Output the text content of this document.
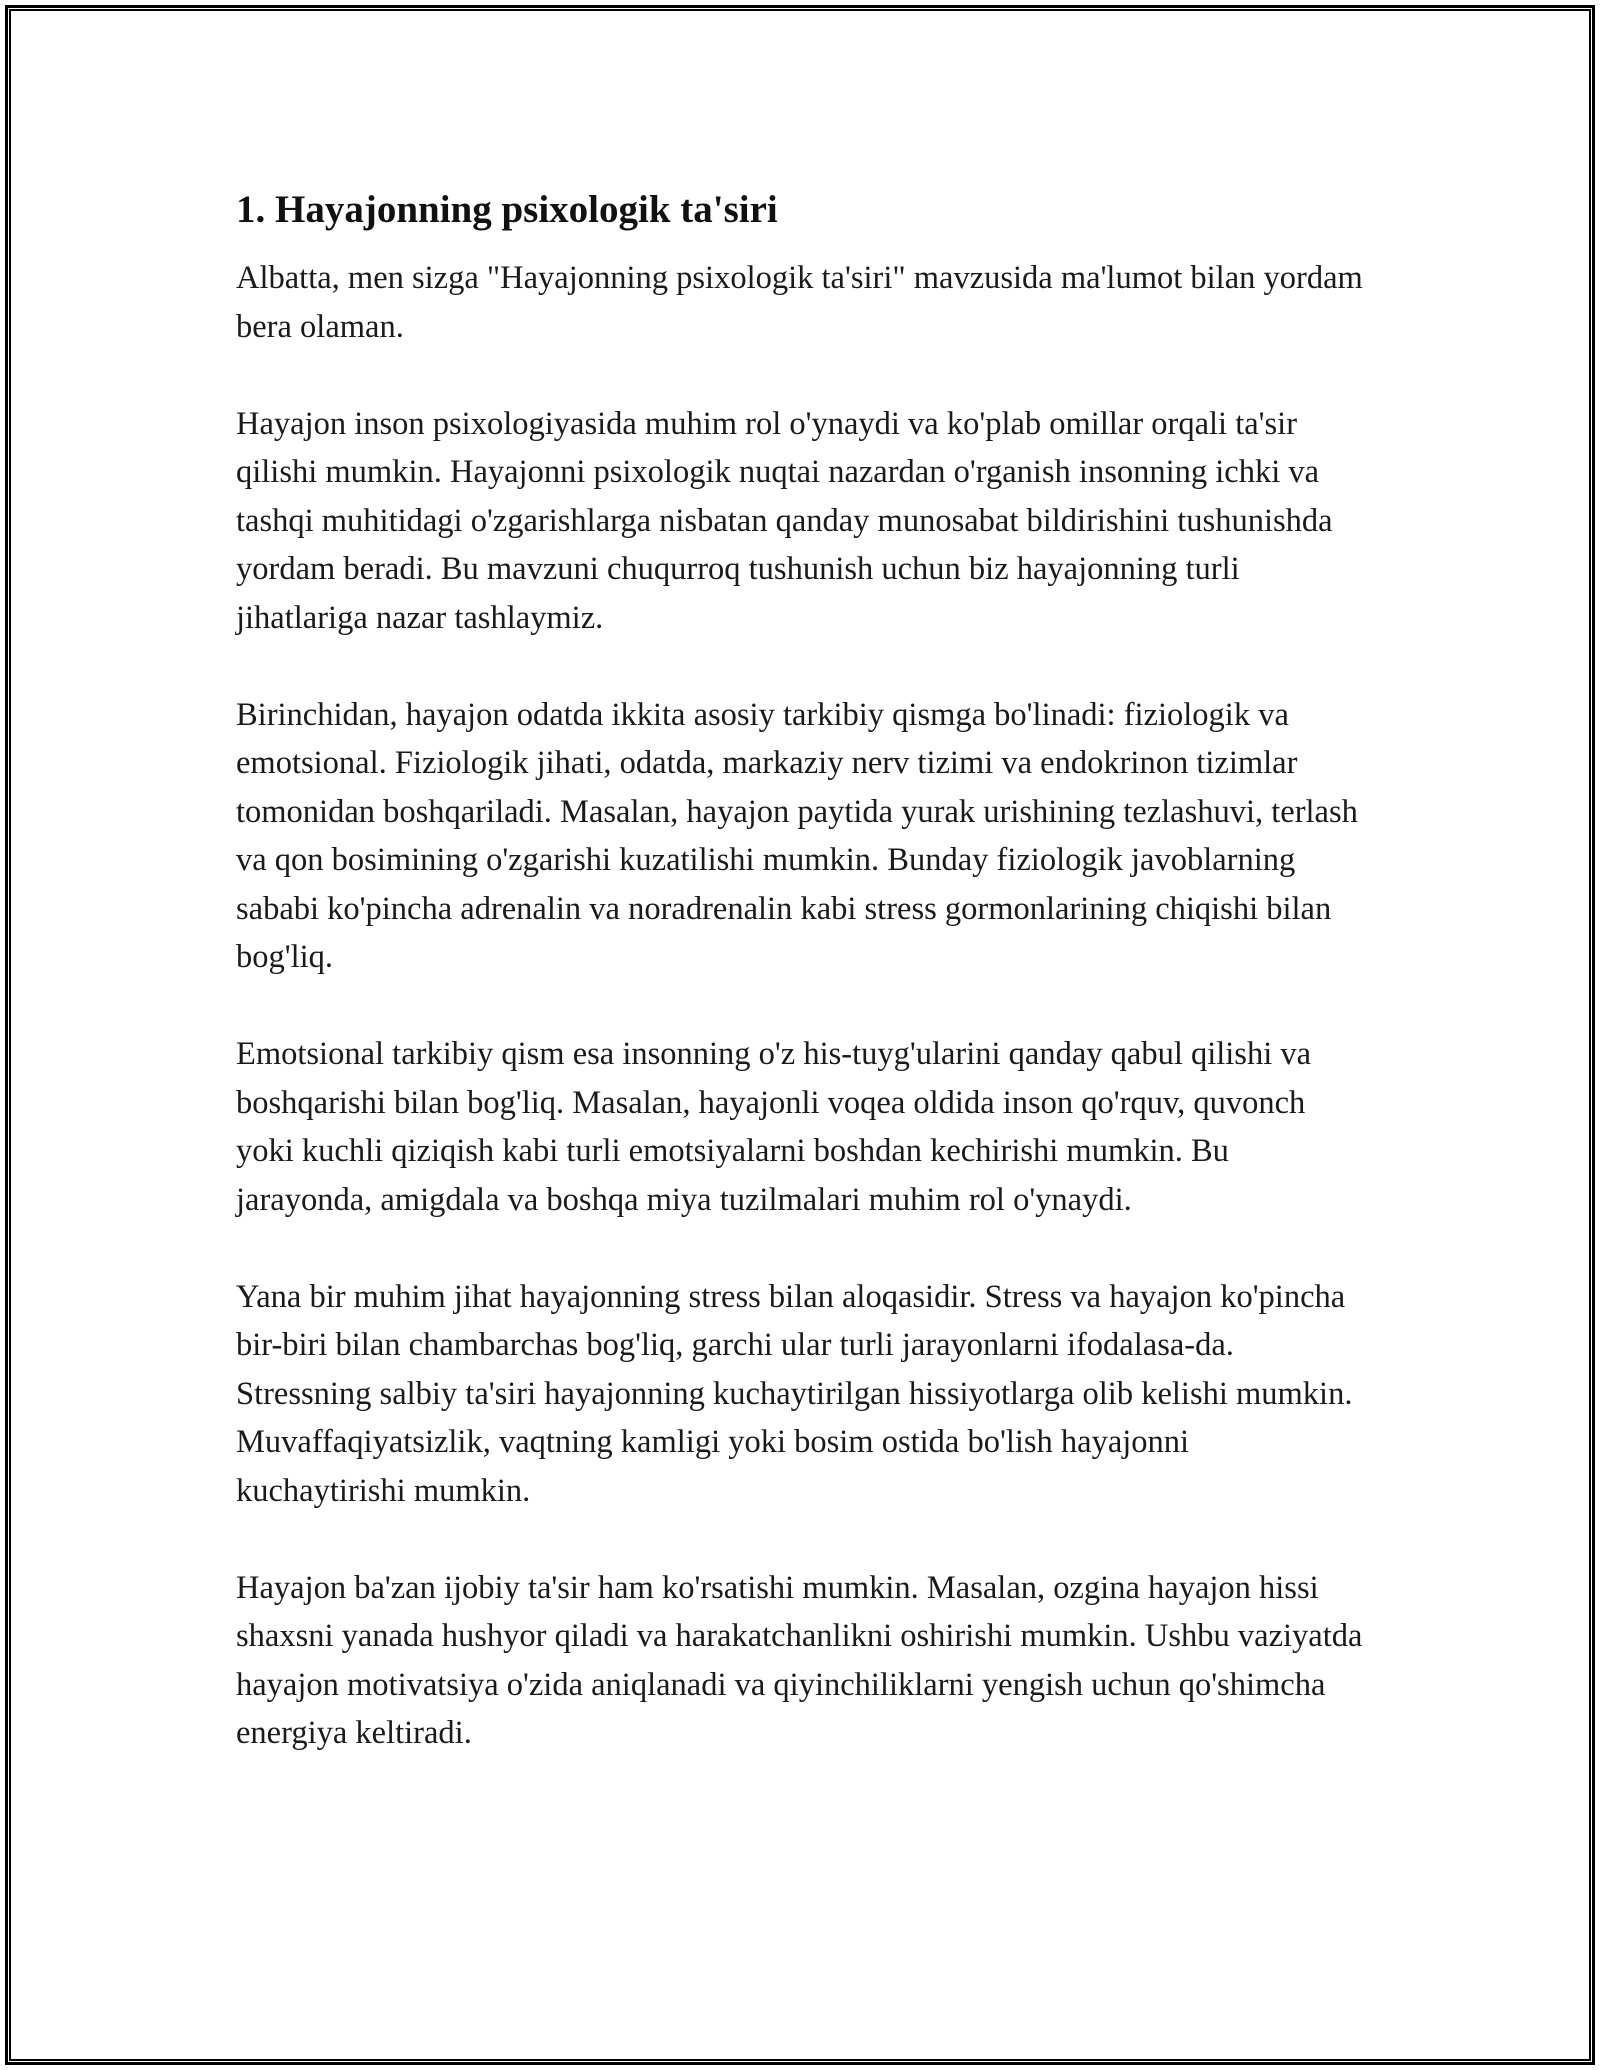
1. Hayajonning psixologik ta'siri

Albatta, men sizga "Hayajonning psixologik ta'siri" mavzusida ma'lumot bilan yordam bera olaman.

Hayajon inson psixologiyasida muhim rol o'ynaydi va ko'plab omillar orqali ta'sir qilishi mumkin. Hayajonni psixologik nuqtai nazardan o'rganish insonning ichki va tashqi muhitidagi o'zgarishlarga nisbatan qanday munosabat bildirishini tushunishda yordam beradi. Bu mavzuni chuqurroq tushunish uchun biz hayajonning turli jihatlariga nazar tashlaymiz.

Birinchidan, hayajon odatda ikkita asosiy tarkibiy qismga bo'linadi: fiziologik va emotsional. Fiziologik jihati, odatda, markaziy nerv tizimi va endokrinon tizimlar tomonidan boshqariladi. Masalan, hayajon paytida yurak urishining tezlashuvi, terlash va qon bosimining o'zgarishi kuzatilishi mumkin. Bunday fiziologik javoblarning sababi ko'pincha adrenalin va noradrenalin kabi stress gormonlarining chiqishi bilan bog'liq.

Emotsional tarkibiy qism esa insonning o'z his-tuyg'ularini qanday qabul qilishi va boshqarishi bilan bog'liq. Masalan, hayajonli voqea oldida inson qo'rquv, quvonch yoki kuchli qiziqish kabi turli emotsiyalarni boshdan kechirishi mumkin. Bu jarayonda, amigdala va boshqa miya tuzilmalari muhim rol o'ynaydi.

Yana bir muhim jihat hayajonning stress bilan aloqasidir. Stress va hayajon ko'pincha bir-biri bilan chambarchas bog'liq, garchi ular turli jarayonlarni ifodalasa-da. Stressning salbiy ta'siri hayajonning kuchaytirilgan hissiyotlarga olib kelishi mumkin. Muvaffaqiyatsizlik, vaqtning kamligi yoki bosim ostida bo'lish hayajonni kuchaytirishi mumkin.

Hayajon ba'zan ijobiy ta'sir ham ko'rsatishi mumkin. Masalan, ozgina hayajon hissi shaxsni yanada hushyor qiladi va harakatchanlikni oshirishi mumkin. Ushbu vaziyatda hayajon motivatsiya o'zida aniqlanadi va qiyinchiliklarni yengish uchun qo'shimcha energiya keltiradi.
